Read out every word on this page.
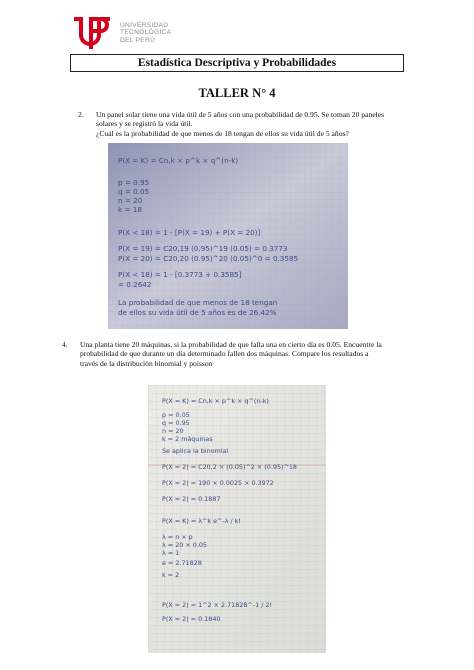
UNIVERSIDAD
TECNOLÓGICA
DEL PERÚ
Estadística Descriptiva y Probabilidades
TALLER N° 4
2. Un panel solar tiene una vida útil de 5 años con una probabilidad de 0.95. Se toman 20 paneles
solares y se registró la vida útil.
¿Cuál es la probabilidad de que menos de 18 tengan de ellos su vida útil de 5 años?
P(X = K) = Cn,k × p^k × q^(n-k)
p = 0.95
q = 0.05
n = 20
k = 18
P(X < 18) = 1 - [P(X = 19) + P(X = 20)]
P(X = 19) = C20,19 (0.95)^19 (0.05) = 0.3773
P(X = 20) = C20,20 (0.95)^20 (0.05)^0 = 0.3585
P(X < 18) = 1 - [0.3773 + 0.3585]
= 0.2642
La probabilidad de que menos de 18 tengan
de ellos su vida útil de 5 años es de 26.42%
4. Una planta tiene 20 máquinas, si la probabilidad de que falla una en cierto día es 0.05. Encuentre la
probabilidad de que durante un día determinado fallen dos máquinas. Compare los resultados a
través de la distribución binomial y poisson
P(X = K) = Cn,k × p^k × q^(n-k)
p = 0.05
q = 0.95
n = 20
k = 2 máquinas
Se aplica la binomial
P(X = 2) = C20,2 × (0.05)^2 × (0.95)^18
P(X = 2) = 190 × 0.0025 × 0.3972
P(X = 2) = 0.1887
P(X = K) = λ^k e^-λ / k!
λ = n × p
λ = 20 × 0.05
λ = 1
e = 2.71828
k = 2
P(X = 2) = 1^2 × 2.71828^-1 / 2!
P(X = 2) = 0.1840
